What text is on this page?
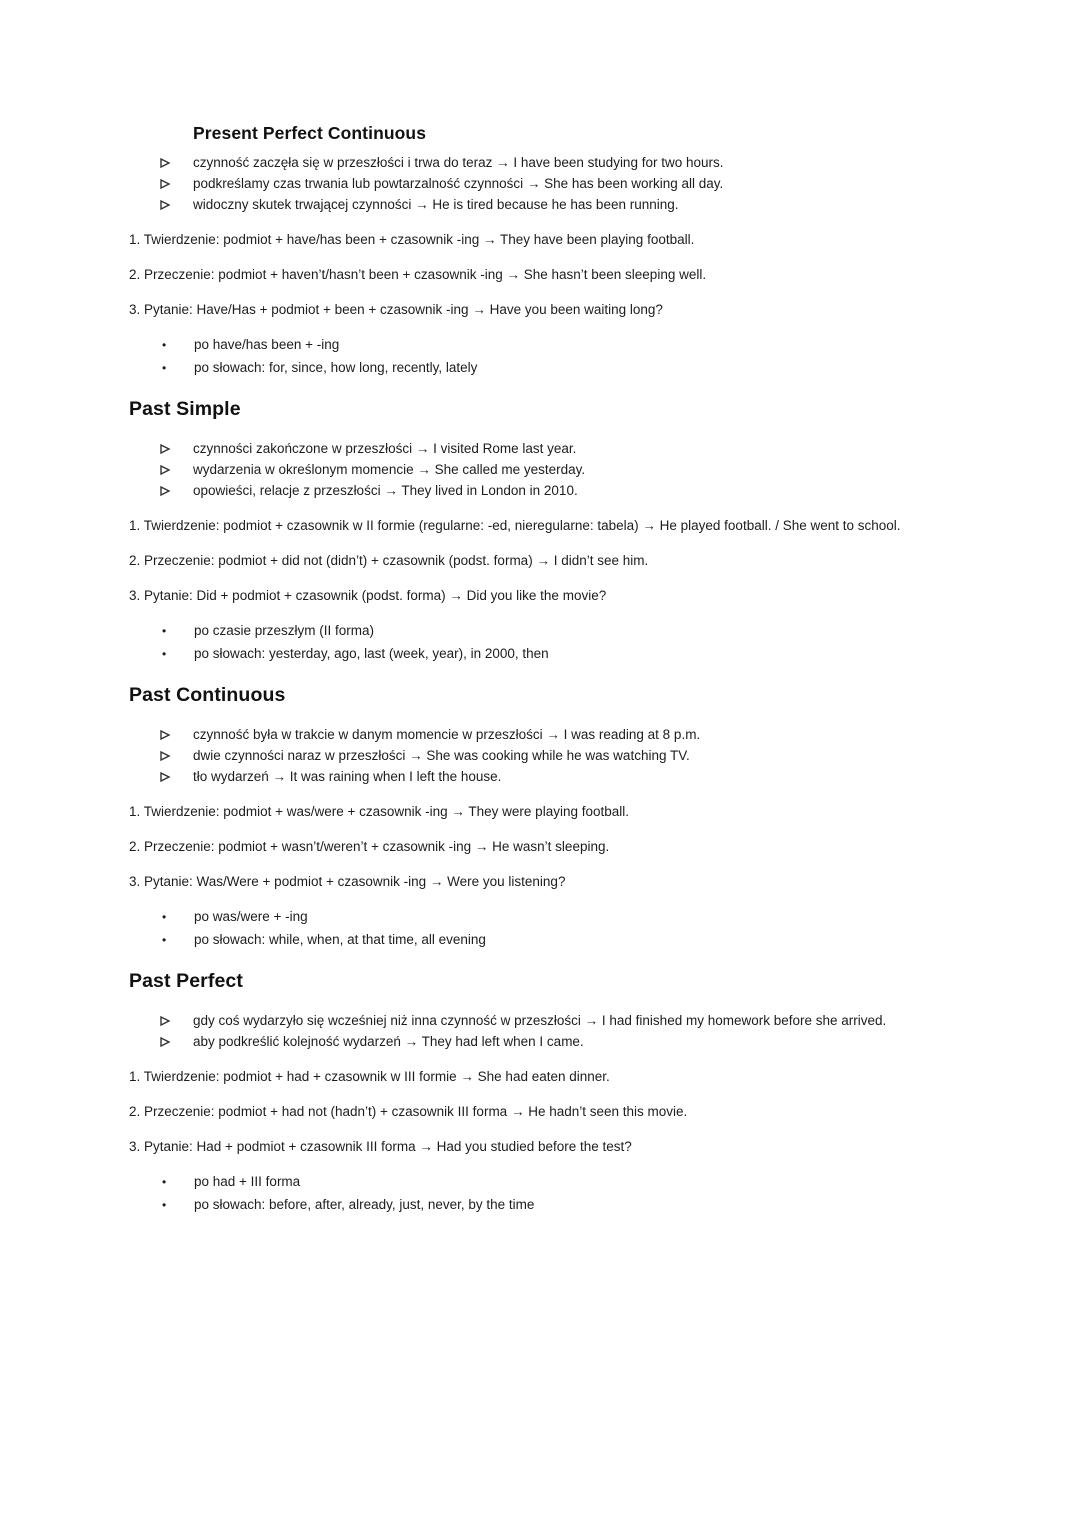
Present Perfect Continuous
czynność zaczęła się w przeszłości i trwa do teraz → I have been studying for two hours.
podkreślamy czas trwania lub powtarzalność czynności → She has been working all day.
widoczny skutek trwającej czynności → He is tired because he has been running.

1. Twierdzenie: podmiot + have/has been + czasownik -ing → They have been playing football.

2. Przeczenie: podmiot + haven’t/hasn’t been + czasownik -ing → She hasn’t been sleeping well.

3. Pytanie: Have/Has + podmiot + been + czasownik -ing → Have you been waiting long?

•	po have/has been + -ing
•	po słowach: for, since, how long, recently, lately
Past Simple
czynności zakończone w przeszłości → I visited Rome last year.
wydarzenia w określonym momencie → She called me yesterday.
opowieści, relacje z przeszłości → They lived in London in 2010.

1. Twierdzenie: podmiot + czasownik w II formie (regularne: -ed, nieregularne: tabela) → He played football. / She went to school.

2. Przeczenie: podmiot + did not (didn’t) + czasownik (podst. forma) → I didn’t see him.

3. Pytanie: Did + podmiot + czasownik (podst. forma) → Did you like the movie?

•	po czasie przeszłym (II forma)
•	po słowach: yesterday, ago, last (week, year), in 2000, then
Past Continuous
czynność była w trakcie w danym momencie w przeszłości → I was reading at 8 p.m.
dwie czynności naraz w przeszłości → She was cooking while he was watching TV.
tło wydarzeń → It was raining when I left the house.

1. Twierdzenie: podmiot + was/were + czasownik -ing → They were playing football.

2. Przeczenie: podmiot + wasn’t/weren’t + czasownik -ing → He wasn’t sleeping.

3. Pytanie: Was/Were + podmiot + czasownik -ing → Were you listening?

•	po was/were + -ing
•	po słowach: while, when, at that time, all evening
Past Perfect
gdy coś wydarzyło się wcześniej niż inna czynność w przeszłości → I had finished my homework before she arrived.
aby podkreślić kolejność wydarzeń → They had left when I came.

1. Twierdzenie: podmiot + had + czasownik w III formie → She had eaten dinner.

2. Przeczenie: podmiot + had not (hadn’t) + czasownik III forma → He hadn’t seen this movie.

3. Pytanie: Had + podmiot + czasownik III forma → Had you studied before the test?

•	po had + III forma
•	po słowach: before, after, already, just, never, by the time
